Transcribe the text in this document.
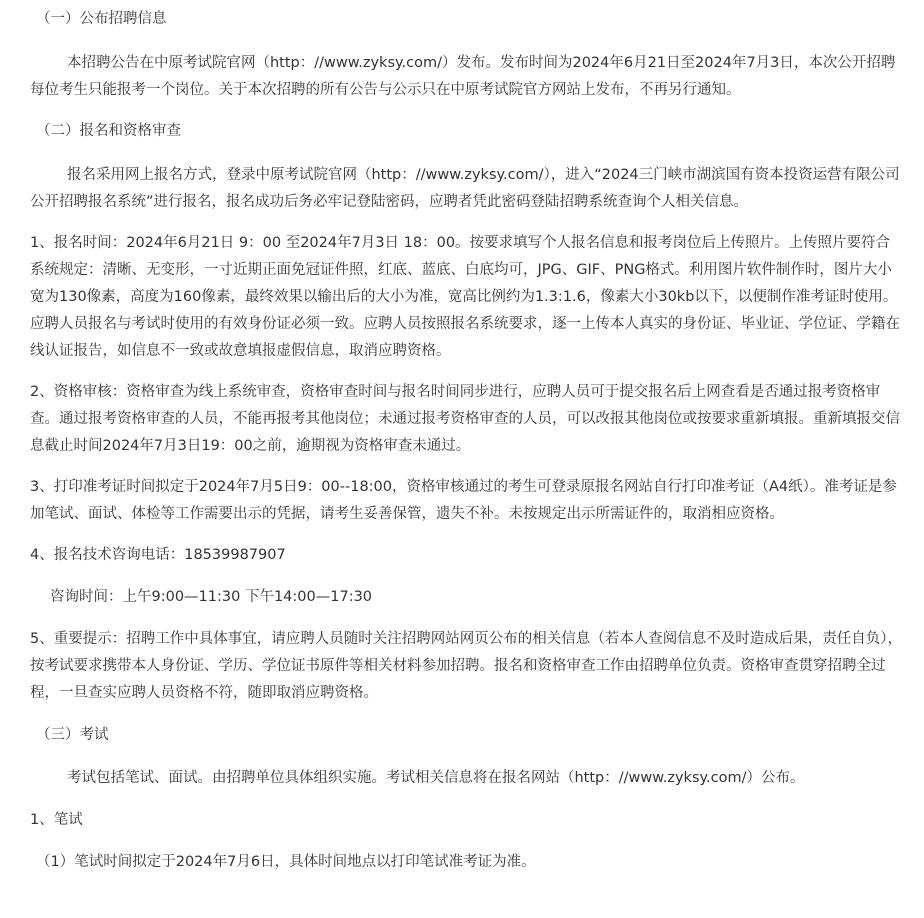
（一）公布招聘信息

本招聘公告在中原考试院官网（http：//www.zyksy.com/）发布。发布时间为2024年6月21日至2024年7月3日，本次公开招聘每位考生只能报考一个岗位。关于本次招聘的所有公告与公示只在中原考试院官方网站上发布，不再另行通知。

（二）报名和资格审查

报名采用网上报名方式，登录中原考试院官网（http：//www.zyksy.com/），进入“2024三门峡市湖滨国有资本投资运营有限公司公开招聘报名系统”进行报名，报名成功后务必牢记登陆密码，应聘者凭此密码登陆招聘系统查询个人相关信息。

1、报名时间：2024年6月21日 9：00 至2024年7月3日 18：00。按要求填写个人报名信息和报考岗位后上传照片。上传照片要符合系统规定：清晰、无变形，一寸近期正面免冠证件照，红底、蓝底、白底均可，JPG、GIF、PNG格式。利用图片软件制作时，图片大小宽为130像素，高度为160像素，最终效果以输出后的大小为准，宽高比例约为1.3:1.6，像素大小30kb以下，以便制作准考证时使用。应聘人员报名与考试时使用的有效身份证必须一致。应聘人员按照报名系统要求，逐一上传本人真实的身份证、毕业证、学位证、学籍在线认证报告，如信息不一致或故意填报虚假信息，取消应聘资格。

2、资格审核：资格审查为线上系统审查，资格审查时间与报名时间同步进行，应聘人员可于提交报名后上网查看是否通过报考资格审查。通过报考资格审查的人员，不能再报考其他岗位；未通过报考资格审查的人员，可以改报其他岗位或按要求重新填报。重新填报交信息截止时间2024年7月3日19：00之前，逾期视为资格审查未通过。

3、打印准考证时间拟定于2024年7月5日9：00--18:00，资格审核通过的考生可登录原报名网站自行打印准考证（A4纸）。准考证是参加笔试、面试、体检等工作需要出示的凭据，请考生妥善保管，遗失不补。未按规定出示所需证件的，取消相应资格。

4、报名技术咨询电话：18539987907

咨询时间：上午9:00—11:30 下午14:00—17:30

5、重要提示：招聘工作中具体事宜，请应聘人员随时关注招聘网站网页公布的相关信息（若本人查阅信息不及时造成后果，责任自负），按考试要求携带本人身份证、学历、学位证书原件等相关材料参加招聘。报名和资格审查工作由招聘单位负责。资格审查贯穿招聘全过程，一旦查实应聘人员资格不符，随即取消应聘资格。

（三）考试

考试包括笔试、面试。由招聘单位具体组织实施。考试相关信息将在报名网站（http：//www.zyksy.com/）公布。

1、笔试

（1）笔试时间拟定于2024年7月6日，具体时间地点以打印笔试准考证为准。
